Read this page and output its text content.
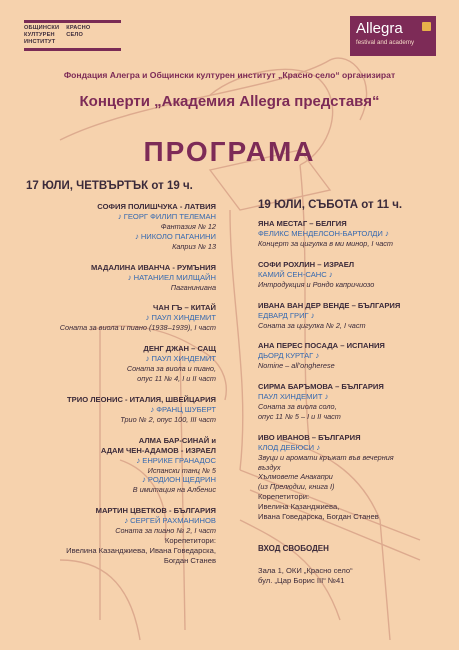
ОБЩИНСКИ
КУЛТУРЕН
ИНСТИТУТ
КРАСНО
СЕЛО	Allegra
festival and academy
Фондация Алегра и Общински културен институт „Красно село“ организират
Концерти „Академия Allegra представя“
ПРОГРАМА
17 ЮЛИ, ЧЕТВЪРТЪК от 19 ч.
СОФИЯ ПОЛИШЧУКА - ЛАТВИЯ
♪ ГЕОРГ ФИЛИП ТЕЛЕМАН
Фантазия № 12
♪ НИКОЛО ПАГАНИНИ
Каприз № 13
МАДАЛИНА ИВАНЧА - РУМЪНИЯ
♪ НАТАНИЕЛ МИЛЩАЙН
Паганиниана
ЧАН ГЪ – КИТАЙ
♪ ПАУЛ ХИНДЕМИТ
Соната за виола и пиано (1938–1939), I част
ДЕНГ ДЖАН – САЩ
♪ ПАУЛ ХИНДЕМИТ
Соната за виола и пиано,
опус 11 № 4, I и II част
ТРИО ЛЕОНИС - ИТАЛИЯ, ШВЕЙЦАРИЯ
♪ ФРАНЦ ШУБЕРТ
Трио № 2, опус 100, III част
АЛМА БАР-СИНАЙ и
АДАМ ЧЕН-АДАМОВ - ИЗРАЕЛ
♪ ЕНРИКЕ ГРАНАДОС
Испански танц № 5
♪ РОДИОН ЩЕДРИН
В имитация на Албенис
МАРТИН ЦВЕТКОВ - БЪЛГАРИЯ
♪ СЕРГЕЙ РАХМАНИНОВ
Соната за пиано № 2, I част
Корепетитори:
Ивелина Казанджиева, Ивана Говедарска,
Богдан Станев
19 ЮЛИ, СЪБОТА от 11 ч.
ЯНА МЕСТАГ – БЕЛГИЯ
ФЕЛИКС МЕНДЕЛСОН-БАРТОЛДИ ♪
Концерт за цигулка в ми минор, I част
СОФИ РОХЛИН – ИЗРАЕЛ
КАМИЙ СЕН-САНС ♪
Интродукция и Рондо капричиозо
ИВАНА ВАН ДЕР ВЕНДЕ – БЪЛГАРИЯ
ЕДВАРД ГРИГ ♪
Соната за цигулка № 2, I част
АНА ПЕРЕС ПОСАДА – ИСПАНИЯ
ДЬОРД КУРТАГ ♪
Nomine – all’ongherese
СИРМА БАРЪМОВА – БЪЛГАРИЯ
ПАУЛ ХИНДЕМИТ ♪
Соната за виола соло,
опус 11 № 5 – I и II част
ИВО ИВАНОВ – БЪЛГАРИЯ
КЛОД ДЕБЮСИ ♪
Звуци и аромати кръжат във вечерния
въздух
Хълмовете Анакапри
(из Прелюдии, книга I)
Корепетитори:
Ивелина Казанджиева,
Ивана Говедарска, Богдан Станев
ВХОД СВОБОДЕН
Зала 1, ОКИ „Красно село“
бул. „Цар Борис III“ №41
